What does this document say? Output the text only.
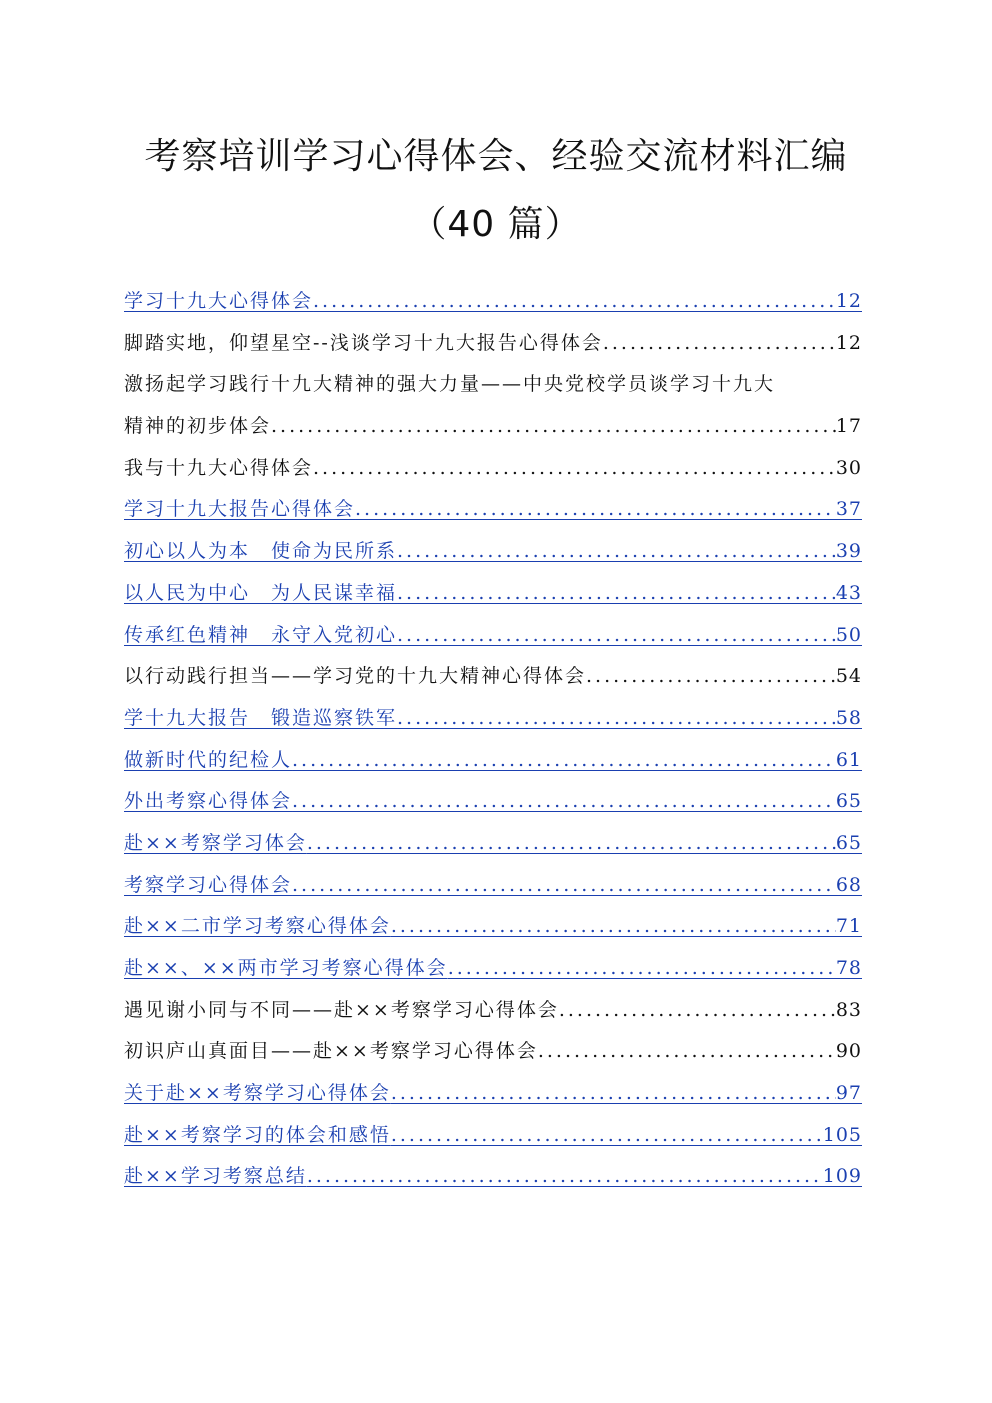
考察培训学习心得体会、经验交流材料汇编
（40 篇）
学习十九大心得体会 .....	12
脚踏实地，仰望星空--浅谈学习十九大报告心得体会 .....	12
激扬起学习践行十九大精神的强大力量——中央党校学员谈学习十九大
精神的初步体会 .....	17
我与十九大心得体会 .....	30
学习十九大报告心得体会 .....	37
初心以人为本　使命为民所系 .....	39
以人民为中心　为人民谋幸福 .....	43
传承红色精神　永守入党初心 .....	50
以行动践行担当——学习党的十九大精神心得体会 .....	54
学十九大报告　锻造巡察铁军 .....	58
做新时代的纪检人 .....	61
外出考察心得体会 .....	65
赴××考察学习体会 .....	65
考察学习心得体会 .....	68
赴××二市学习考察心得体会 .....	71
赴××、××两市学习考察心得体会 .....	78
遇见谢小同与不同——赴××考察学习心得体会 .....	83
初识庐山真面目——赴××考察学习心得体会 .....	90
关于赴××考察学习心得体会 .....	97
赴××考察学习的体会和感悟 .....	105
赴××学习考察总结 .....	109
